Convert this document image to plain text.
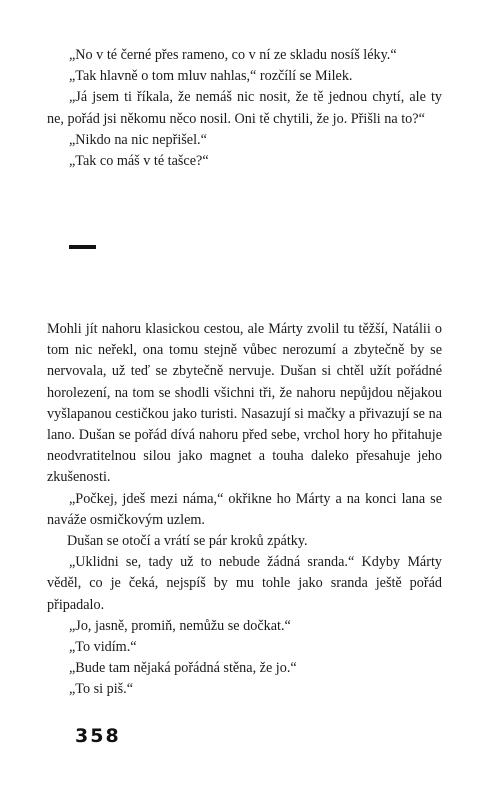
„No v té černé přes rameno, co v ní ze skladu nosíš léky.“

„Tak hlavně o tom mluv nahlas,“ rozčílí se Milek.

„Já jsem ti říkala, že nemáš nic nosit, že tě jednou chytí, ale ty ne, pořád jsi někomu něco nosil. Oni tě chytili, že jo. Přišli na to?“

„Nikdo na nic nepřišel.“

„Tak co máš v té tašce?“

Mohli jít nahoru klasickou cestou, ale Márty zvolil tu těžší, Natálii o tom nic neřekl, ona tomu stejně vůbec nerozumí a zbytečně by se nervovala, už teď se zbytečně nervuje. Dušan si chtěl užít pořádné horolezení, na tom se shodli všichni tři, že nahoru nepůjdou nějakou vyšlapanou cestičkou jako turisti. Nasazují si mačky a přivazují se na lano. Dušan se pořád dívá nahoru před sebe, vrchol hory ho přitahuje neodvratitelnou silou jako magnet a touha daleko přesahuje jeho zkušenosti.

„Počkej, jdeš mezi náma,“ okřikne ho Márty a na konci lana se naváže osmičkovým uzlem.

Dušan se otočí a vrátí se pár kroků zpátky.

„Uklidni se, tady už to nebude žádná sranda.“ Kdyby Márty věděl, co je čeká, nejspíš by mu tohle jako sranda ještě pořád připadalo.

„Jo, jasně, promiň, nemůžu se dočkat.“

„To vidím.“

„Bude tam nějaká pořádná stěna, že jo.“

„To si piš.“

358
